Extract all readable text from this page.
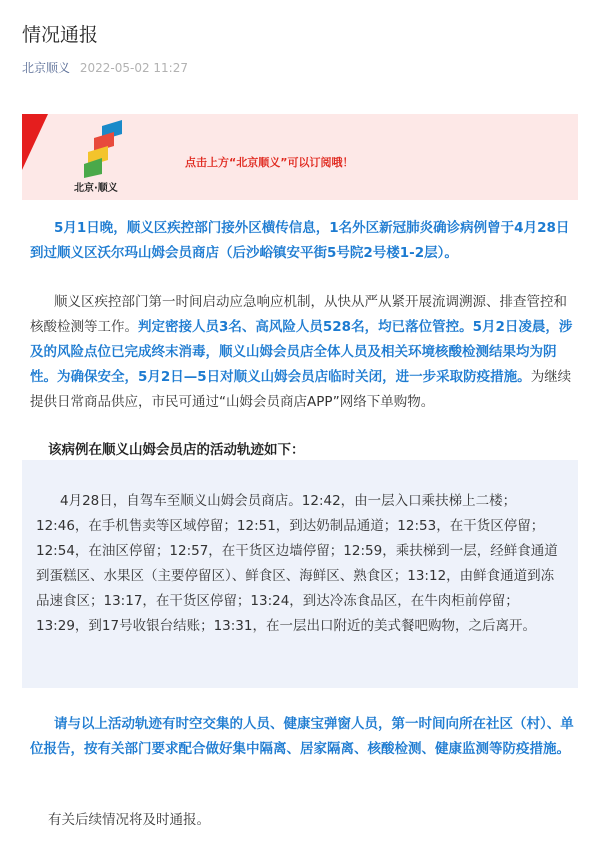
情况通报
北京顺义 2022-05-02 11:27
北京·顺义
点击上方“北京顺义”可以订阅哦！

5月1日晚，顺义区疾控部门接外区横传信息，1名外区新冠肺炎确诊病例曾于4月28日到过顺义区沃尔玛山姆会员商店（后沙峪镇安平街5号院2号楼1-2层）。

顺义区疾控部门第一时间启动应急响应机制，从快从严从紧开展流调溯源、排查管控和核酸检测等工作。判定密接人员3名、高风险人员528名，均已落位管控。5月2日凌晨，涉及的风险点位已完成终末消毒，顺义山姆会员店全体人员及相关环境核酸检测结果均为阴性。为确保安全，5月2日—5日对顺义山姆会员店临时关闭，进一步采取防疫措施。为继续提供日常商品供应，市民可通过“山姆会员商店APP”网络下单购物。

该病例在顺义山姆会员店的活动轨迹如下：

4月28日，自驾车至顺义山姆会员商店。12:42，由一层入口乘扶梯上二楼；12:46，在手机售卖等区域停留；12:51，到达奶制品通道；12:53，在干货区停留；12:54，在油区停留；12:57，在干货区边墙停留；12:59，乘扶梯到一层，经鲜食通道到蛋糕区、水果区（主要停留区）、鲜食区、海鲜区、熟食区；13:12，由鲜食通道到冻品速食区；13:17，在干货区停留；13:24，到达冷冻食品区，在牛肉柜前停留；13:29，到17号收银台结账；13:31，在一层出口附近的美式餐吧购物，之后离开。

请与以上活动轨迹有时空交集的人员、健康宝弹窗人员，第一时间向所在社区（村）、单位报告，按有关部门要求配合做好集中隔离、居家隔离、核酸检测、健康监测等防疫措施。

有关后续情况将及时通报。
